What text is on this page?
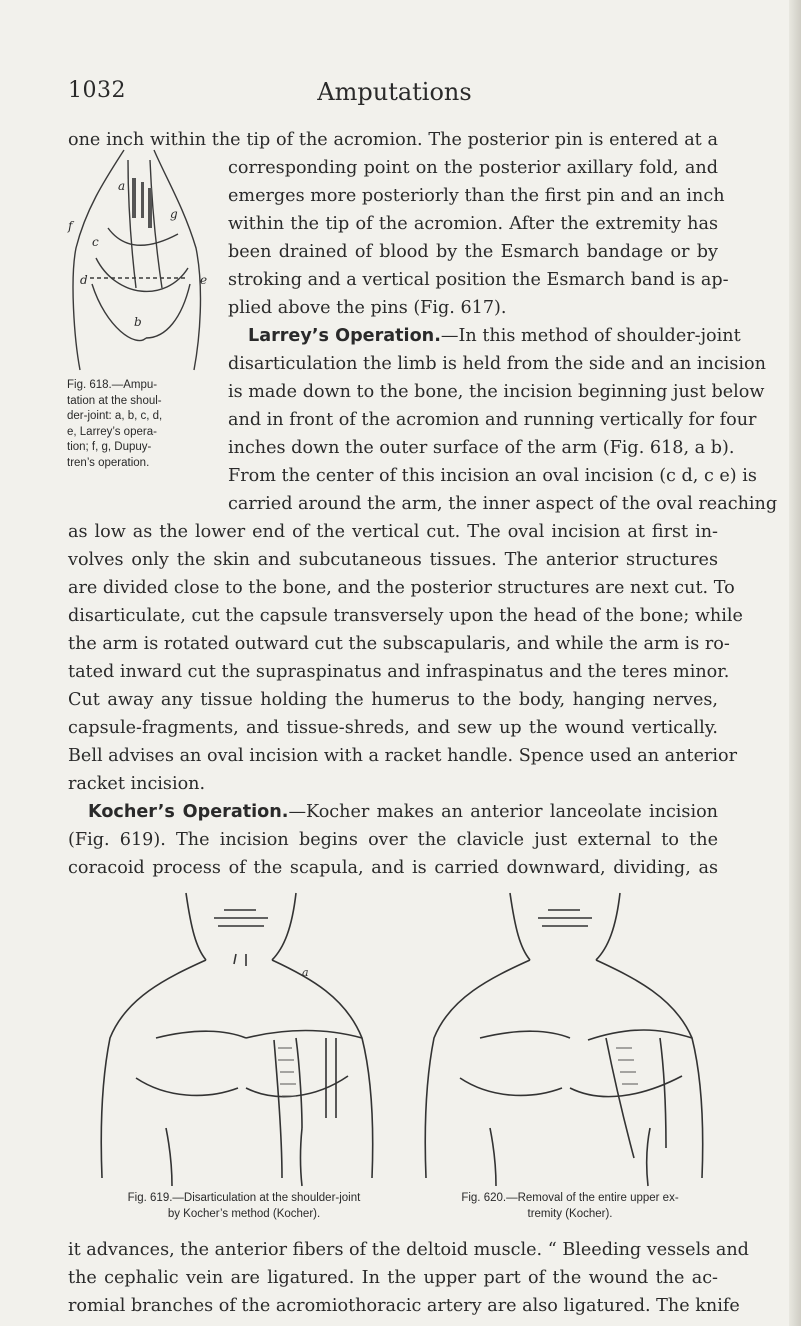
1032	Amputations
one inch within the tip of the acromion. The posterior pin is entered at a
corresponding point on the posterior axillary fold, and
emerges more posteriorly than the first pin and an inch
within the tip of the acromion. After the extremity has
been drained of blood by the Esmarch bandage or by
stroking and a vertical position the Esmarch band is ap-
plied above the pins (Fig. 617).
Larrey’s Operation.—In this method of shoulder-joint
disarticulation the limb is held from the side and an incision
is made down to the bone, the incision beginning just below
and in front of the acromion and running vertically for four
inches down the outer surface of the arm (Fig. 618, a b).
From the center of this incision an oval incision (c d, c e) is
carried around the arm, the inner aspect of the oval reaching
as low as the lower end of the vertical cut. The oval incision at first in-
volves only the skin and subcutaneous tissues. The anterior structures
are divided close to the bone, and the posterior structures are next cut. To
disarticulate, cut the capsule transversely upon the head of the bone; while
the arm is rotated outward cut the subscapularis, and while the arm is ro-
tated inward cut the supraspinatus and infraspinatus and the teres minor.
Cut away any tissue holding the humerus to the body, hanging nerves,
capsule-fragments, and tissue-shreds, and sew up the wound vertically.
Bell advises an oval incision with a racket handle. Spence used an anterior
racket incision.
Kocher’s Operation.—Kocher makes an anterior lanceolate incision
(Fig. 619). The incision begins over the clavicle just external to the
coracoid process of the scapula, and is carried downward, dividing, as
a
b
c
d	e
f
g
Fig. 618.—Ampu-
tation at the shoul-
der-joint: a, b, c, d,
e, Larrey’s opera-
tion; f, g, Dupuy-
tren’s operation.
a
Fig. 619.—Disarticulation at the shoulder-joint
by Kocher’s method (Kocher).
Fig. 620.—Removal of the entire upper ex-
tremity (Kocher).
it advances, the anterior fibers of the deltoid muscle. “ Bleeding vessels and
the cephalic vein are ligatured. In the upper part of the wound the ac-
romial branches of the acromiothoracic artery are also ligatured. The knife
